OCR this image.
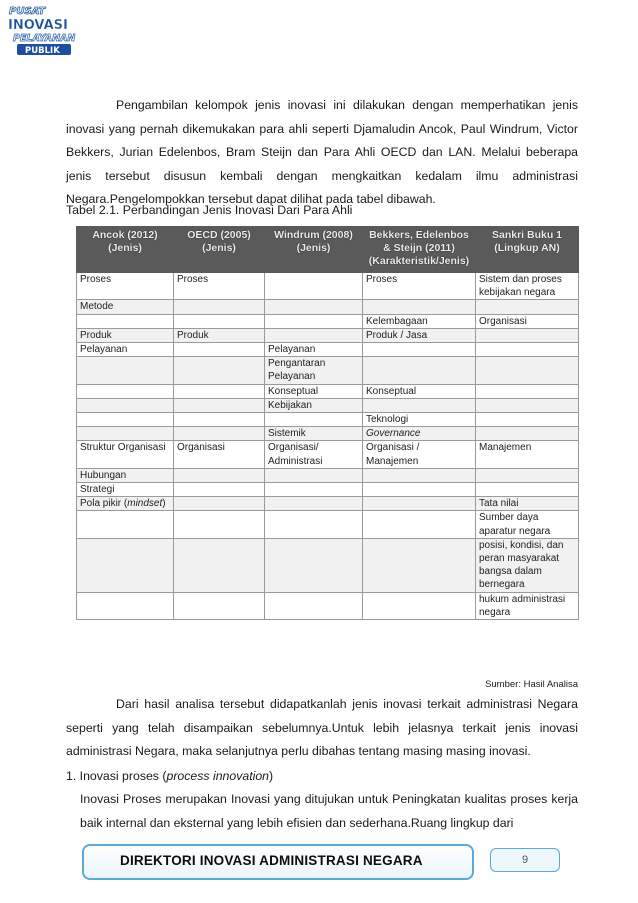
PUSAT
INOVASI
PELAYANAN
PUBLIK
Pengambilan kelompok jenis inovasi ini dilakukan dengan memperhatikan jenis inovasi yang pernah dikemukakan para ahli seperti Djamaludin Ancok, Paul Windrum, Victor Bekkers, Jurian Edelenbos, Bram Steijn dan Para Ahli OECD dan LAN. Melalui beberapa jenis tersebut disusun kembali dengan mengkaitkan kedalam ilmu administrasi Negara.Pengelompokkan tersebut dapat dilihat pada tabel dibawah.
Tabel 2.1. Perbandingan Jenis Inovasi Dari Para Ahli
Ancok (2012) (Jenis)	OECD (2005) (Jenis)	Windrum (2008) (Jenis)	Bekkers, Edelenbos & Steijn (2011) (Karakteristik/Jenis)	Sankri Buku 1 (Lingkup AN)
Proses	Proses		Proses	Sistem dan proses kebijakan negara
Metode				
			Kelembagaan	Organisasi
Produk	Produk		Produk / Jasa	
Pelayanan		Pelayanan		
		Pengantaran Pelayanan		
		Konseptual	Konseptual	
		Kebijakan		
			Teknologi	
		Sistemik	Governance	
Struktur Organisasi	Organisasi	Organisasi/ Administrasi	Organisasi / Manajemen	Manajemen
Hubungan				
Strategi				
Pola pikir (mindset)				Tata nilai
				Sumber daya aparatur negara
				posisi, kondisi, dan peran masyarakat bangsa dalam bernegara
				hukum administrasi negara
Sumber: Hasil Analisa
Dari hasil analisa tersebut didapatkanlah jenis inovasi terkait administrasi Negara seperti yang telah disampaikan sebelumnya.Untuk lebih jelasnya terkait jenis inovasi administrasi Negara, maka selanjutnya perlu dibahas tentang masing masing inovasi.
1. Inovasi proses (process innovation)
Inovasi Proses merupakan Inovasi yang ditujukan untuk Peningkatan kualitas proses kerja baik internal dan eksternal yang lebih efisien dan sederhana.Ruang lingkup dari
DIREKTORI INOVASI ADMINISTRASI NEGARA	9
